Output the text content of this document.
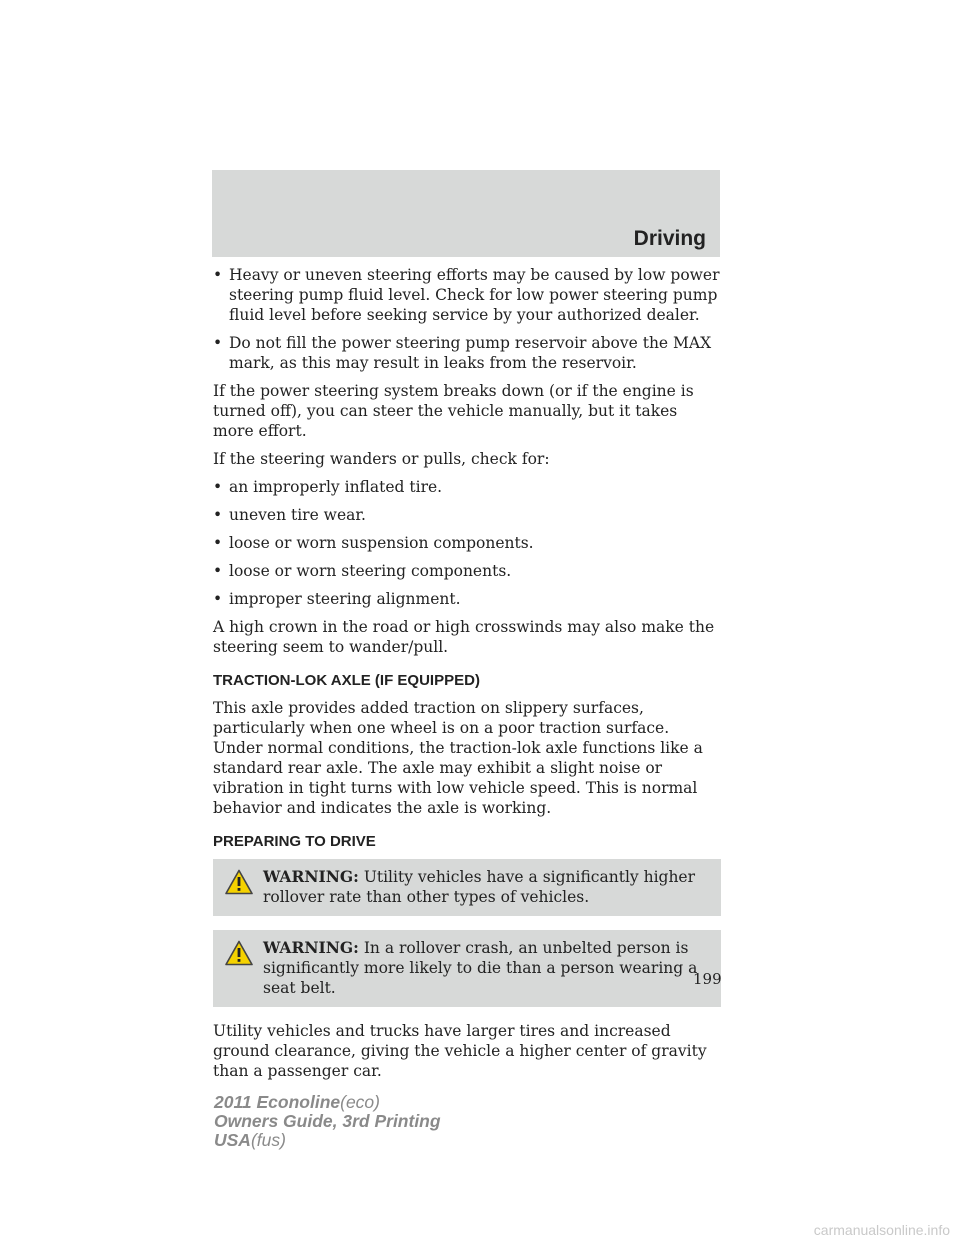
Driving
• Heavy or uneven steering efforts may be caused by low power steering pump fluid level. Check for low power steering pump fluid level before seeking service by your authorized dealer.
• Do not fill the power steering pump reservoir above the MAX mark, as this may result in leaks from the reservoir.

If the power steering system breaks down (or if the engine is turned off), you can steer the vehicle manually, but it takes more effort.

If the steering wanders or pulls, check for:

• an improperly inflated tire.
• uneven tire wear.
• loose or worn suspension components.
• loose or worn steering components.
• improper steering alignment.

A high crown in the road or high crosswinds may also make the steering seem to wander/pull.

TRACTION-LOK AXLE (IF EQUIPPED)

This axle provides added traction on slippery surfaces, particularly when one wheel is on a poor traction surface. Under normal conditions, the traction-lok axle functions like a standard rear axle. The axle may exhibit a slight noise or vibration in tight turns with low vehicle speed. This is normal behavior and indicates the axle is working.

PREPARING TO DRIVE
WARNING: Utility vehicles have a significantly higher rollover rate than other types of vehicles.
WARNING: In a rollover crash, an unbelted person is significantly more likely to die than a person wearing a seat belt.

Utility vehicles and trucks have larger tires and increased ground clearance, giving the vehicle a higher center of gravity than a passenger car.

199
2011 Econoline(eco)
Owners Guide, 3rd Printing
USA(fus)
carmanualsonline.info
